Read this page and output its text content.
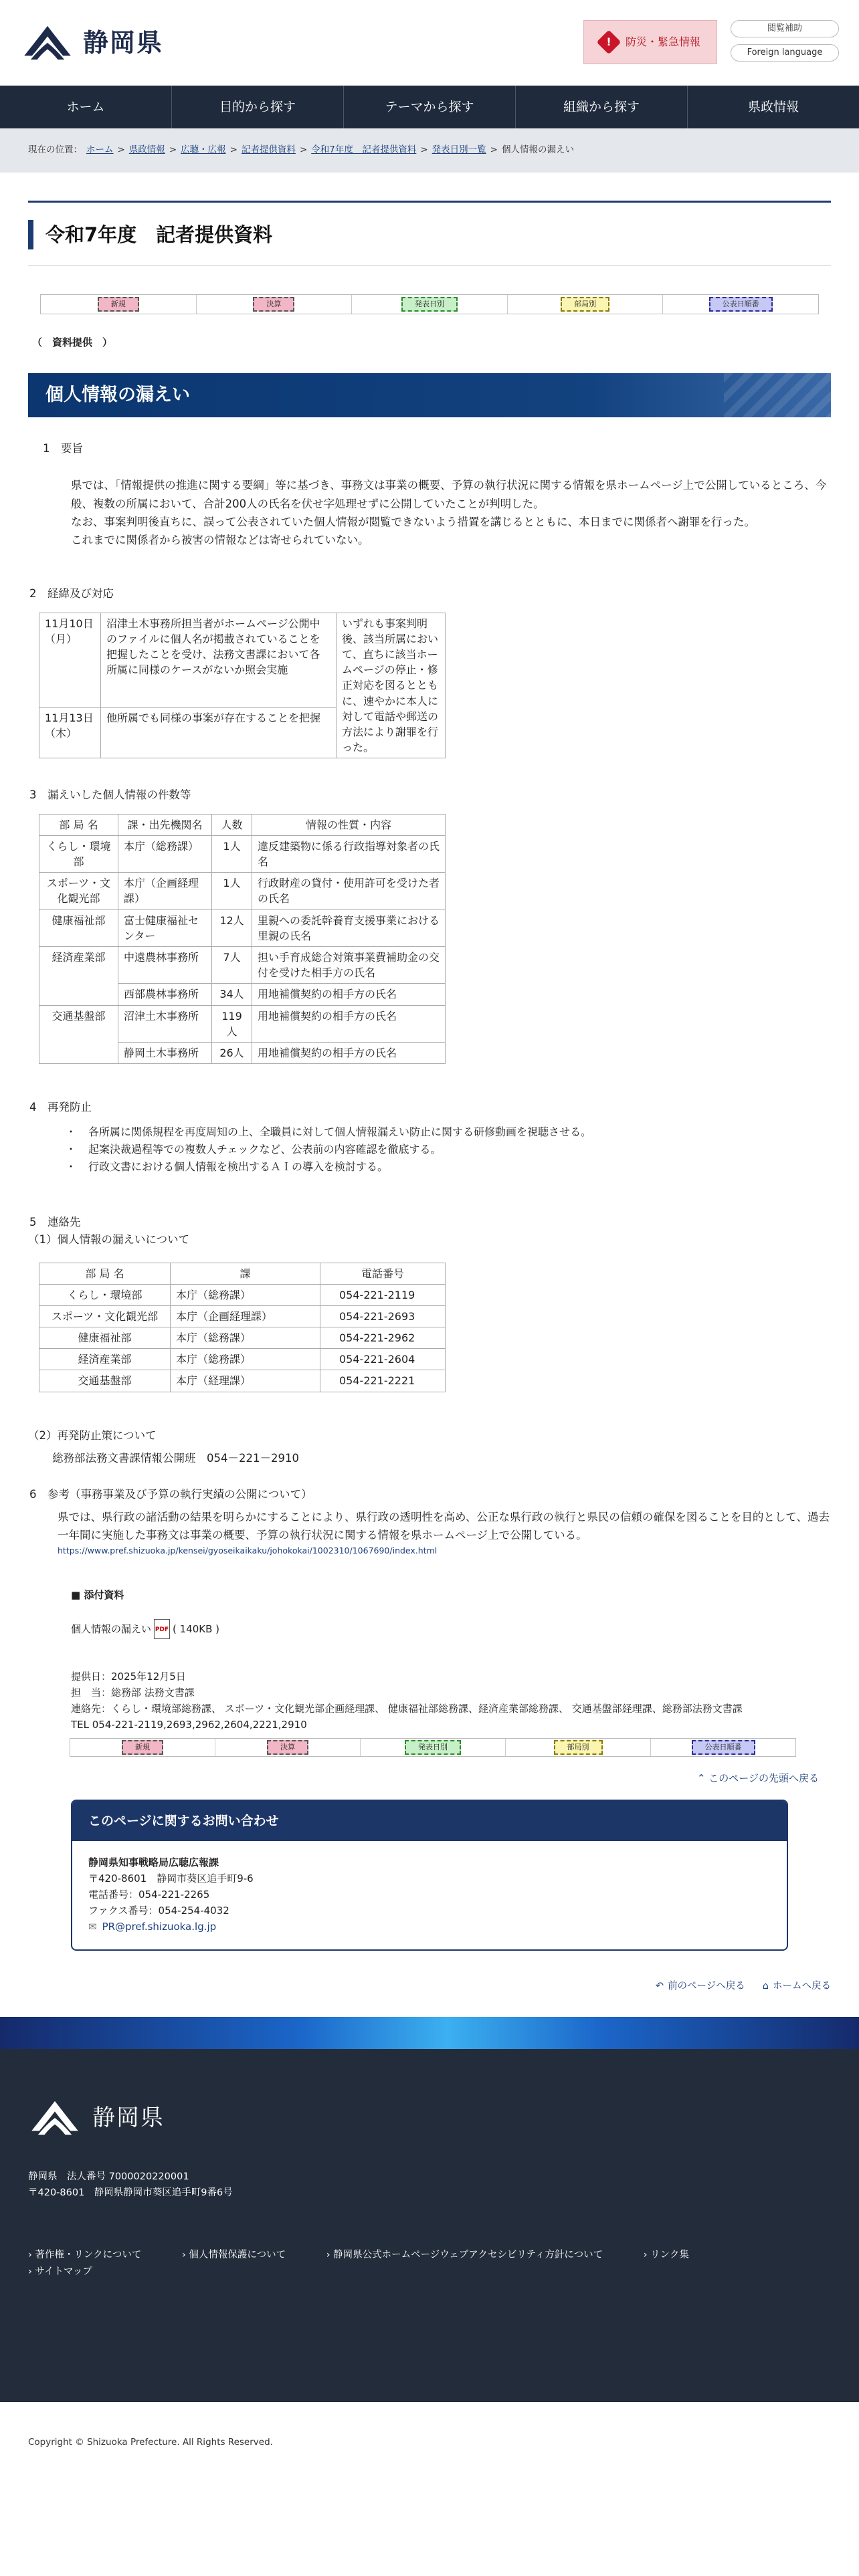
静岡県	!	防災・緊急情報
閲覧補助
Foreign language
ホーム	目的から探す	テーマから探す	組織から探す	県政情報
現在の位置： ホーム > 県政情報 > 広聴・広報 > 記者提供資料 > 令和7年度　記者提供資料 > 発表日別一覧 > 個人情報の漏えい
令和7年度　記者提供資料
新規	決算	発表日別	部局別	公表日順番
（　資料提供　）
個人情報の漏えい
1　要旨

県では、「情報提供の推進に関する要綱」等に基づき、事務文は事業の概要、予算の執行状況に関する情報を県ホームページ上で公開しているところ、今般、複数の所属において、合計200人の氏名を伏せ字処理せずに公開していたことが判明した。

なお、事案判明後直ちに、誤って公表されていた個人情報が閲覧できないよう措置を講じるとともに、本日までに関係者へ謝罪を行った。

これまでに関係者から被害の情報などは寄せられていない。

2　経緯及び対応
11月10日（月）	沼津土木事務所担当者がホームページ公開中のファイルに個人名が掲載されていることを把握したことを受け、法務文書課において各所属に同様のケースがないか照会実施	いずれも事案判明後、該当所属において、直ちに該当ホームページの停止・修正対応を図るとともに、速やかに本人に対して電話や郵送の方法により謝罪を行った。
11月13日（木）	他所属でも同様の事案が存在することを把握	
3　漏えいした個人情報の件数等
部 局 名	課・出先機関名	人数	情報の性質・内容
くらし・環境部	本庁（総務課）	1人	違反建築物に係る行政指導対象者の氏名
スポーツ・文化観光部	本庁（企画経理課）	1人	行政財産の貸付・使用許可を受けた者の氏名
健康福祉部	富士健康福祉センター	12人	里親への委託幹養育支援事業における里親の氏名
経済産業部	中遠農林事務所	7人	担い手育成総合対策事業費補助金の交付を受けた相手方の氏名
	西部農林事務所	34人	用地補償契約の相手方の氏名
交通基盤部	沼津土木事務所	119人	用地補償契約の相手方の氏名
	静岡土木事務所	26人	用地補償契約の相手方の氏名
4　再発防止
・ 各所属に関係規程を再度周知の上、全職員に対して個人情報漏えい防止に関する研修動画を視聴させる。
・ 起案決裁過程等での複数人チェックなど、公表前の内容確認を徹底する。
・ 行政文書における個人情報を検出するＡＩの導入を検討する。
5　連絡先
（1）個人情報の漏えいについて
部 局 名	課	電話番号
くらし・環境部	本庁（総務課）	054-221-2119
スポーツ・文化観光部	本庁（企画経理課）	054-221-2693
健康福祉部	本庁（総務課）	054-221-2962
経済産業部	本庁（総務課）	054-221-2604
交通基盤部	本庁（経理課）	054-221-2221
（2）再発防止策について
総務部法務文書課情報公開班　054－221－2910
6　参考（事務事業及び予算の執行実績の公開について）
県では、県行政の諸活動の結果を明らかにすることにより、県行政の透明性を高め、公正な県行政の執行と県民の信頼の確保を図ることを目的として、過去一年間に実施した事務文は事業の概要、予算の執行状況に関する情報を県ホームページ上で公開している。
https://www.pref.shizuoka.jp/kensei/gyoseikaikaku/johokokai/1002310/1067690/index.html
■ 添付資料
個人情報の漏えい PDF ( 140KB )
提供日：2025年12月5日
担　当：総務部 法務文書課
連絡先：くらし・環境部総務課、 スポーツ・文化観光部企画経理課、 健康福祉部総務課、経済産業部総務課、 交通基盤部経理課、総務部法務文書課
TEL 054-221-2119,2693,2962,2604,2221,2910
新規	決算	発表日別	部局別	公表日順番
⌃ このページの先頭へ戻る
このページに関するお問い合わせ
静岡県知事戦略局広聴広報課
〒420-8601　静岡市葵区追手町9-6
電話番号：054-221-2265
ファクス番号：054-254-4032
✉ PR@pref.shizuoka.lg.jp
↶ 前のページへ戻る ⌂ ホームへ戻る
静岡県
静岡県　法人番号 7000020220001
〒420-8601　静岡県静岡市葵区追手町9番6号
› 著作権・リンクについて	› 個人情報保護について	› 静岡県公式ホームページウェブアクセシビリティ方針について	› リンク集
› サイトマップ
Copyright © Shizuoka Prefecture. All Rights Reserved.
